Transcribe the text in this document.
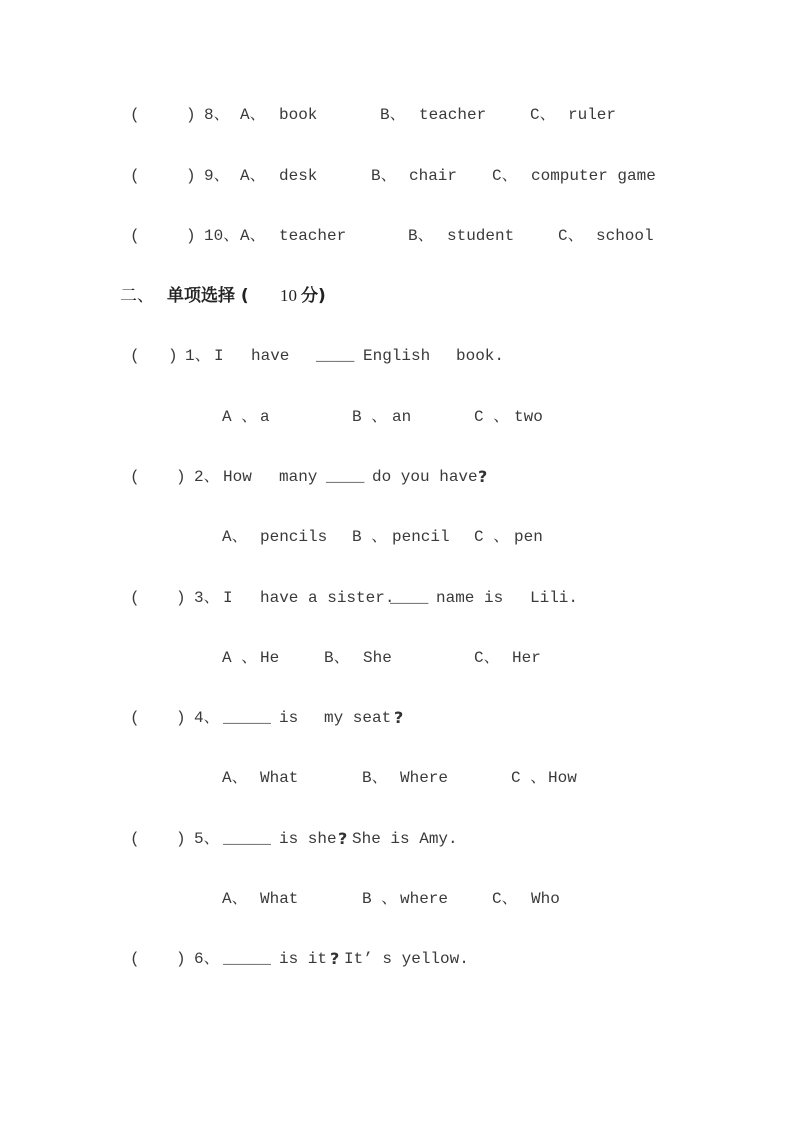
(

	)

8、

A、

book

	B、

teacher

	C、

ruler

(

	)

9、

A、

desk

	B、

chair

C、

computer game

(

	)

10、

A、

teacher

	B、

student

	C、

school

二、

单项选择 (

10

分)

(

)

1、

I

have

____

English

book.

A 、

a

	B 、

an

	C 、

two

(

)

2、

How

many

____

do you have

?

A、

pencils

B 、

pencil

C 、

pen

(

)

3、

I

have a sister.

____

name is

Lili.

A 、

He

	B、

She

	C、

Her

(

)

4、

_____

is

my seat

?

A、

What

	B、

Where

	C 、

How

(

)

5、

_____

is she

?

She is Amy.

A、

What

	B 、

where

	C、

Who

(

)

6、

_____

is it

?

It’ s yellow.
